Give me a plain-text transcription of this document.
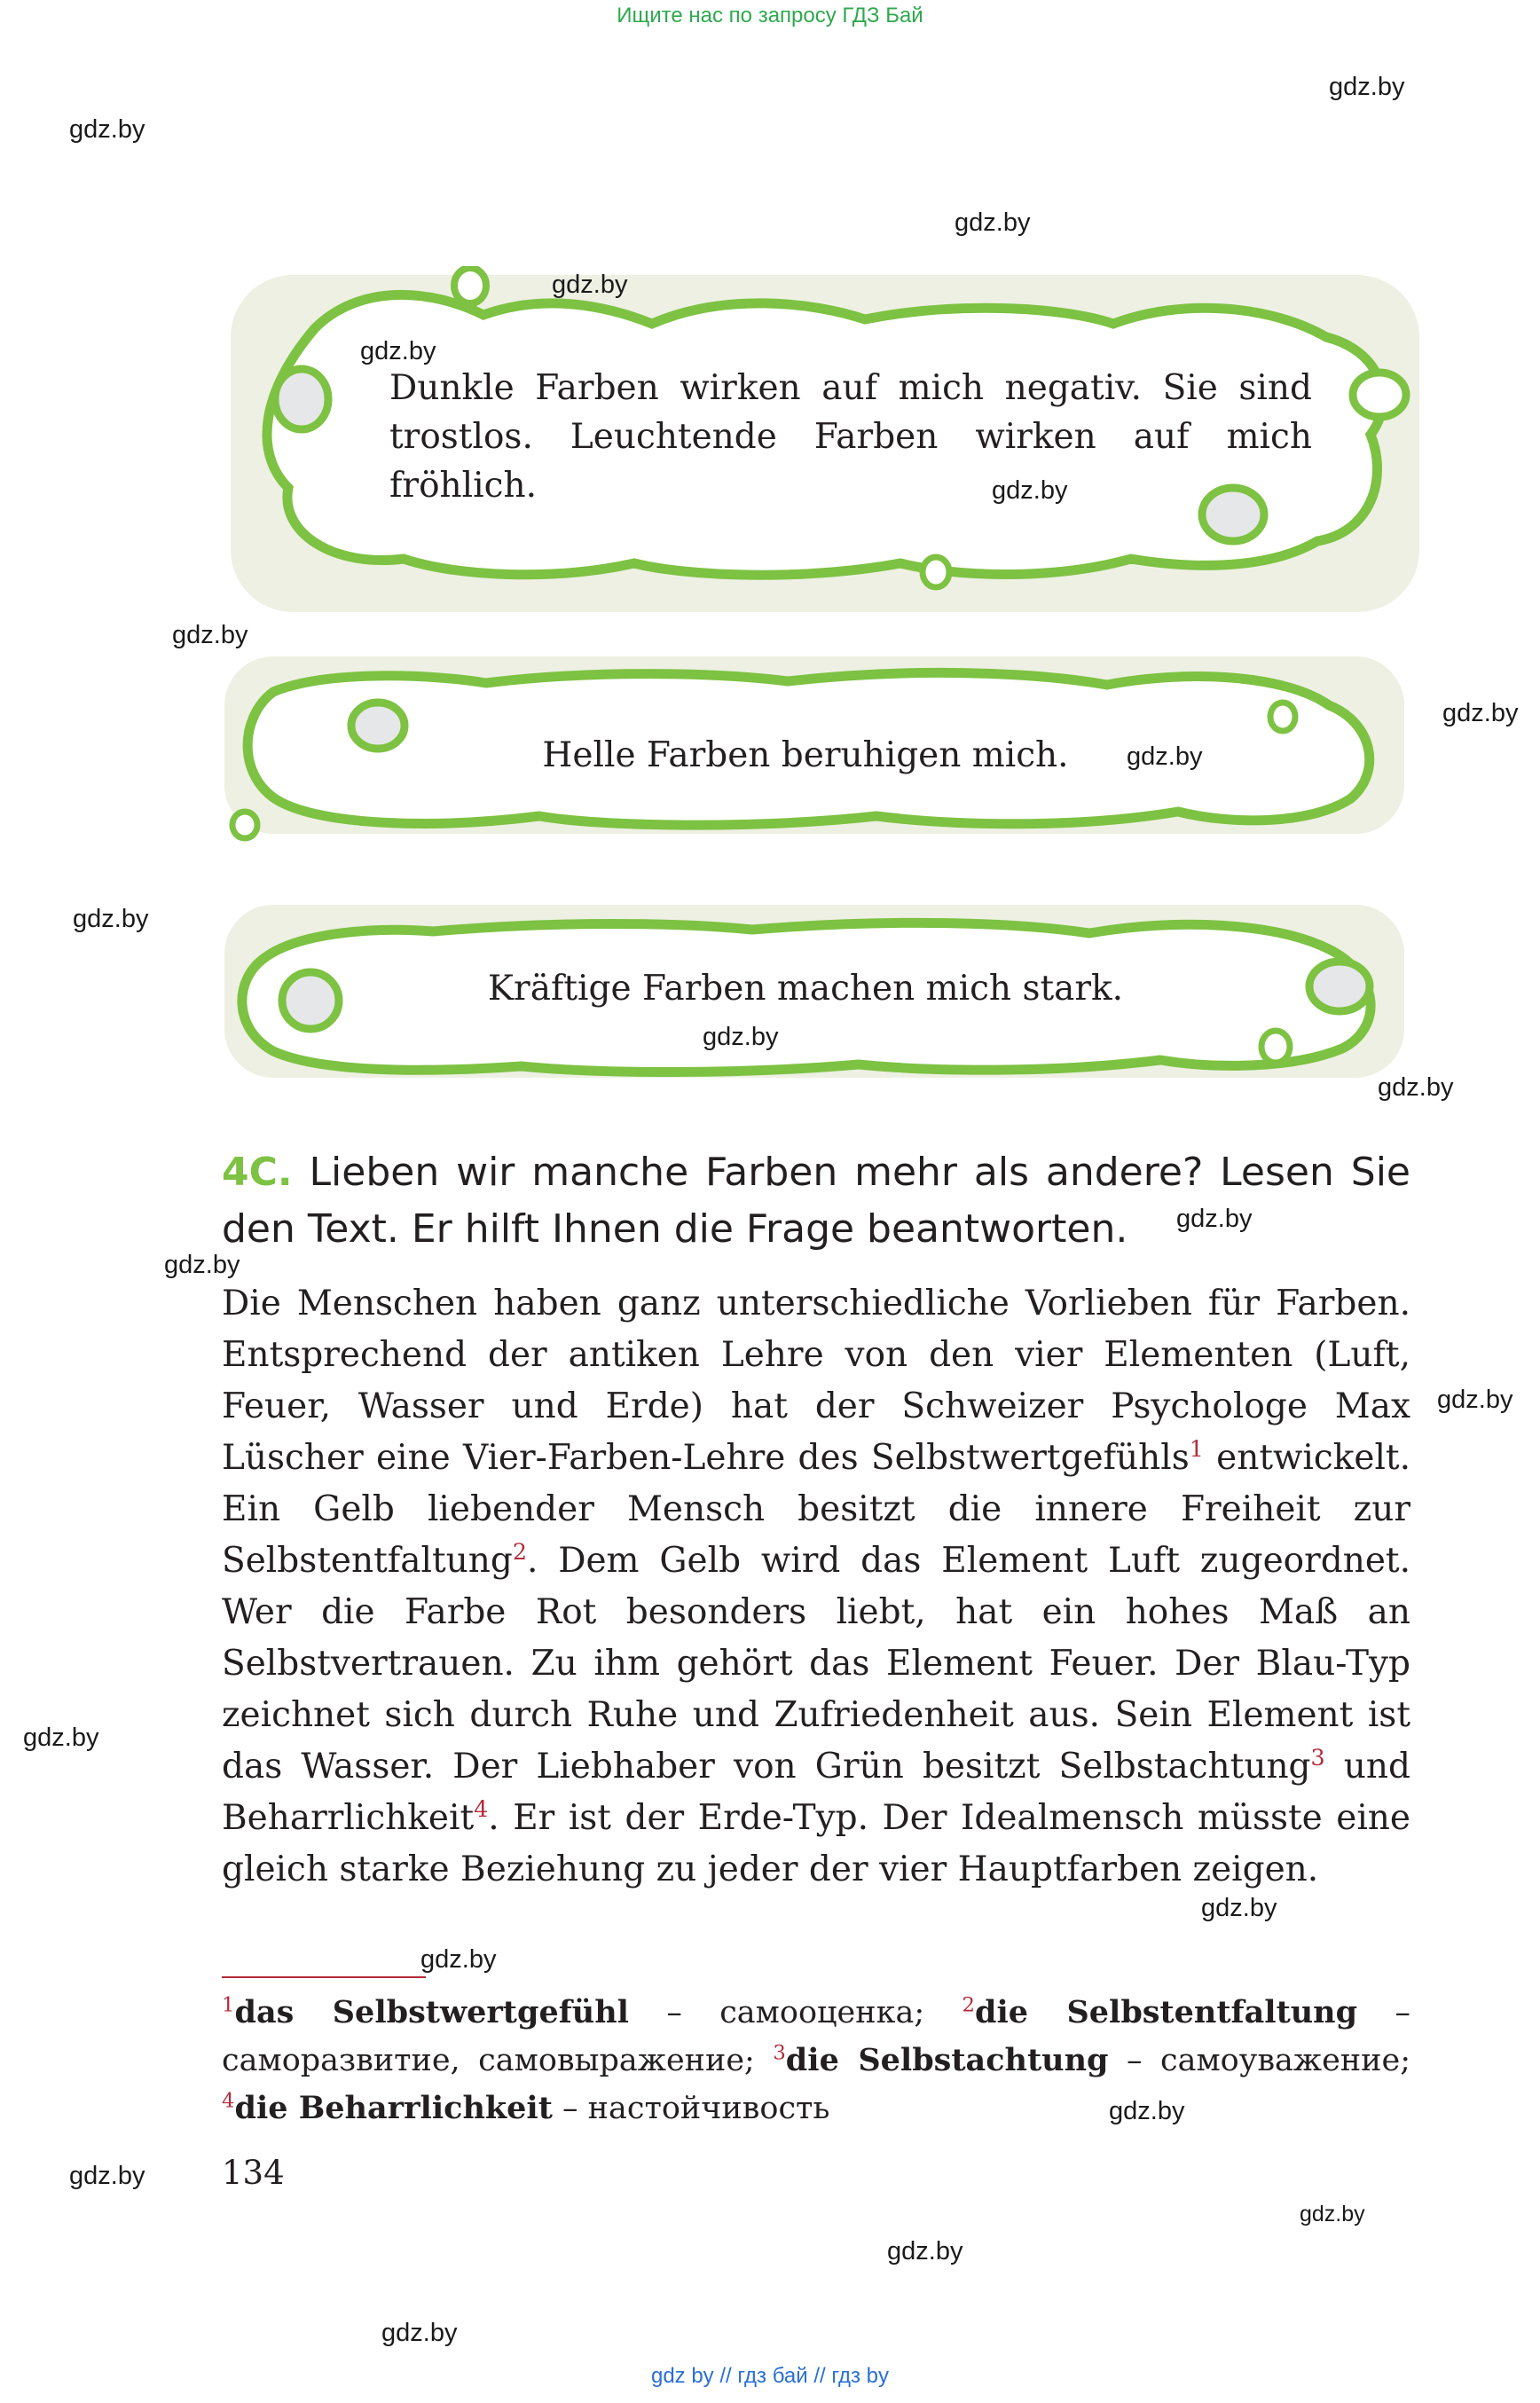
Ищите нас по запросу ГДЗ Бай
Dunkle Farben wirken auf mich negativ. Sie sind trostlos. Leuchtende Farben wirken auf mich fröhlich.
Helle Farben beruhigen mich.
Kräftige Farben machen mich stark.
4C. Lieben wir manche Farben mehr als andere? Lesen Sie den Text. Er hilft Ihnen die Frage beantworten.
Die Menschen haben ganz unterschiedliche Vorlieben für Farben. Entsprechend der antiken Lehre von den vier Elementen (Luft, Feuer, Wasser und Erde) hat der Schweizer Psychologe Max Lüscher eine Vier-Farben-Lehre des Selbstwertgefühls$^1$ entwickelt. Ein Gelb liebender Mensch besitzt die innere Freiheit zur Selbstentfaltung$^2$. Dem Gelb wird das Element Luft zugeordnet. Wer die Farbe Rot besonders liebt, hat ein hohes Maß an Selbstvertrauen. Zu ihm gehört das Element Feuer. Der Blau-Typ zeichnet sich durch Ruhe und Zufriedenheit aus. Sein Element ist das Wasser. Der Liebhaber von Grün besitzt Selbstachtung$^3$ und Beharrlichkeit$^4$. Er ist der Erde-Typ. Der Idealmensch müsste eine gleich starke Beziehung zu jeder der vier Hauptfarben zeigen.
$^1$das Selbstwertgefühl – самооценка; $^2$die Selbstentfaltung – саморазвитие, самовыражение; $^3$die Selbstachtung – самоуважение; $^4$die Beharrlichkeit – настойчивость
134
gdz.by
gdz.by
gdz.by
gdz.by
gdz.by
gdz.by
gdz.by
gdz.by
gdz.by
gdz.by
gdz.by
gdz.by
gdz.by
gdz.by
gdz.by
gdz.by
gdz.by
gdz.by
gdz.by
gdz.by
gdz.by
gdz.by
gdz.by
gdz by // гдз бай // гдз by
